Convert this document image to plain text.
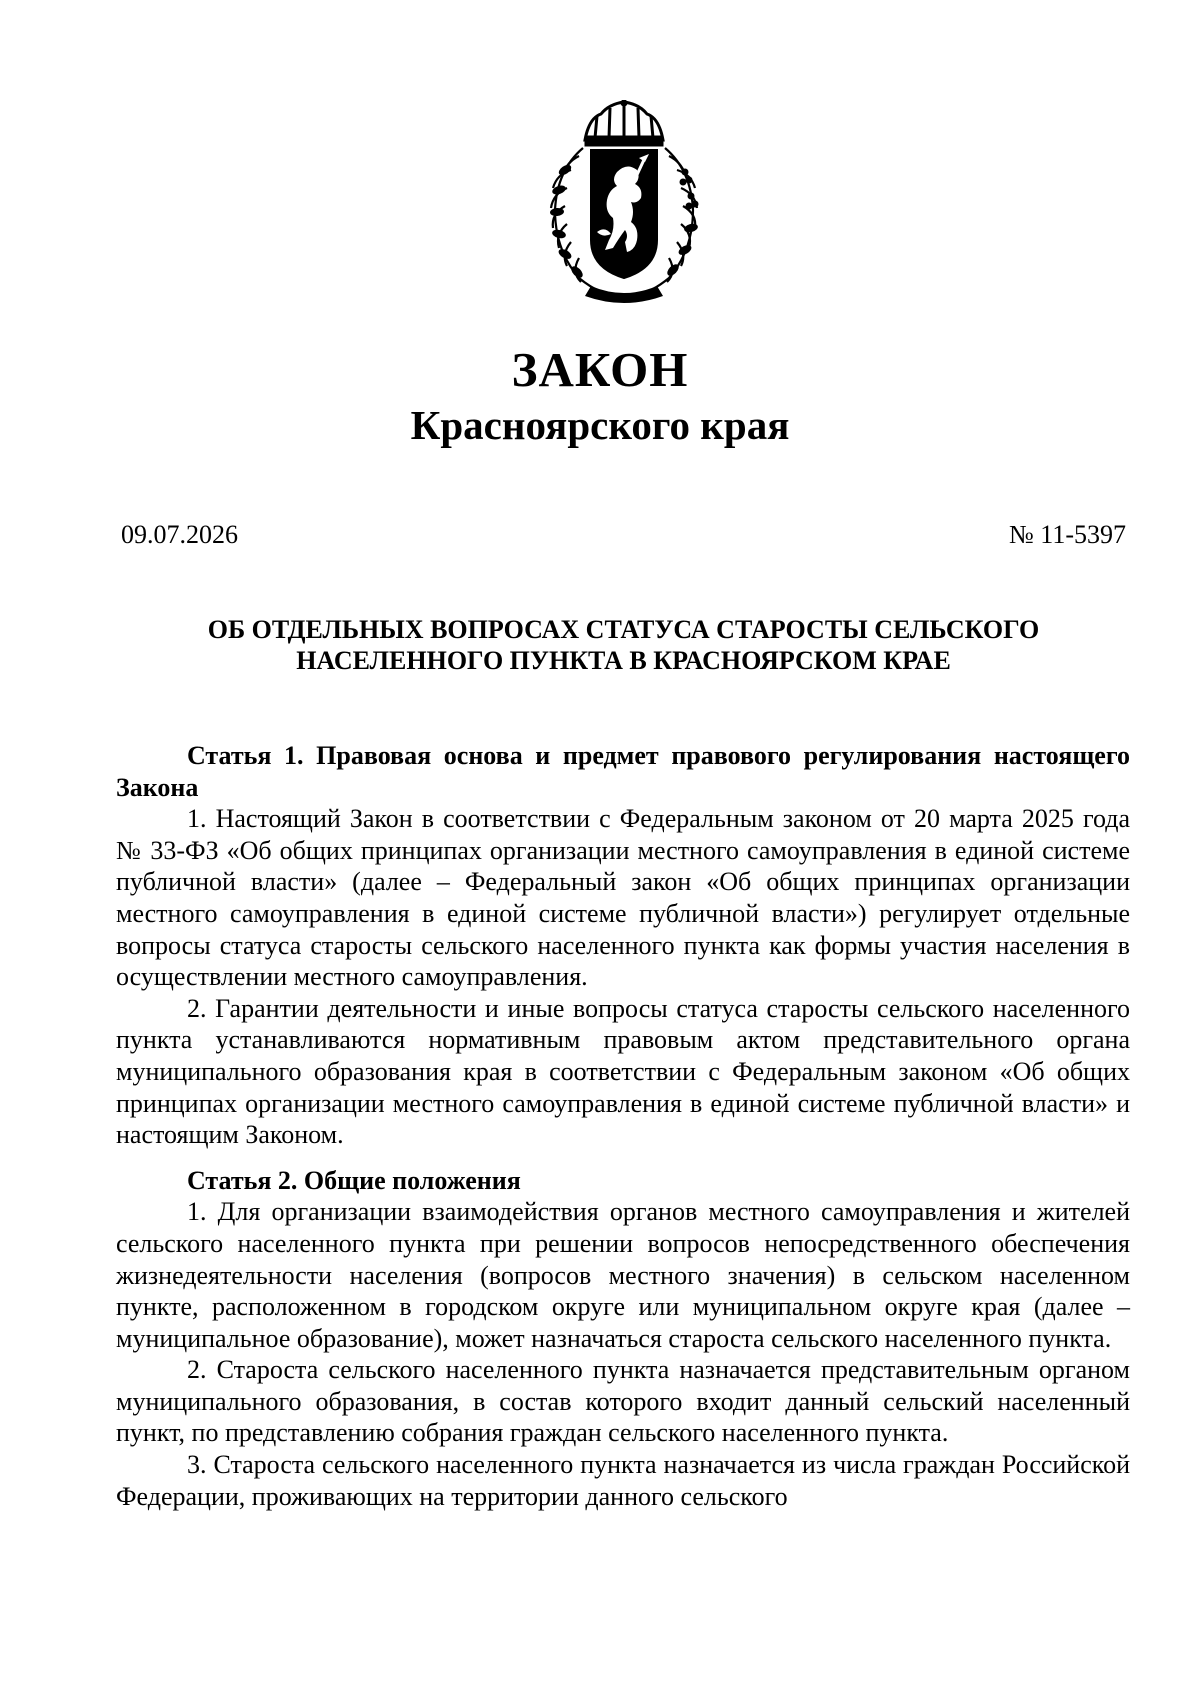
ЗАКОН
Красноярского края
09.07.2026	№ 11-5397
ОБ ОТДЕЛЬНЫХ ВОПРОСАХ СТАТУСА СТАРОСТЫ СЕЛЬСКОГО
НАСЕЛЕННОГО ПУНКТА В КРАСНОЯРСКОМ КРАЕ

Статья 1. Правовая основа и предмет правового регулирования настоящего Закона

1. Настоящий Закон в соответствии с Федеральным законом от 20 марта 2025 года № 33-ФЗ «Об общих принципах организации местного самоуправления в единой системе публичной власти» (далее – Федеральный закон «Об общих принципах организации местного самоуправления в единой системе публичной власти») регулирует отдельные вопросы статуса старосты сельского населенного пункта как формы участия населения в осуществлении местного самоуправления.

2. Гарантии деятельности и иные вопросы статуса старосты сельского населенного пункта устанавливаются нормативным правовым актом представительного органа муниципального образования края в соответствии с Федеральным законом «Об общих принципах организации местного самоуправления в единой системе публичной власти» и настоящим Законом.

Статья 2. Общие положения

1. Для организации взаимодействия органов местного самоуправления и жителей сельского населенного пункта при решении вопросов непосредственного обеспечения жизнедеятельности населения (вопросов местного значения) в сельском населенном пункте, расположенном в городском округе или муниципальном округе края (далее – муниципальное образование), может назначаться староста сельского населенного пункта.

2. Староста сельского населенного пункта назначается представительным органом муниципального образования, в состав которого входит данный сельский населенный пункт, по представлению собрания граждан сельского населенного пункта.

3. Староста сельского населенного пункта назначается из числа граждан Российской Федерации, проживающих на территории данного сельского
